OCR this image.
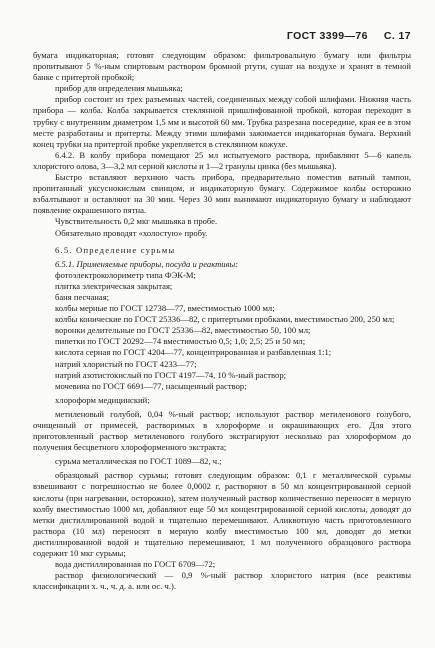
ГОСТ 3399—76 С. 17

бумага индикаторная; готовят следующим образом: фильтровальную бумагу или фильтры пропитывают 5 %-ным спиртовым раствором бромной ртути, сушат на воздухе и хранят в темной банке с притертой пробкой;

прибор для определения мышьяка;

прибор состоит из трех разъемных частей, соединенных между собой шлифами. Нижняя часть прибора — колба. Колба закрывается стеклянной пришлифованной пробкой, которая переходит в трубку с внутренним диаметром 1,5 мм и высотой 60 мм. Трубка разрезана посередине, края ее в этом месте разработаны и притерты. Между этими шлифами зажимается индикаторная бумага. Верхний конец трубки на притертой пробке укрепляется в стеклянном кожухе.

6.4.2. В колбу прибора помещают 25 мл испытуемого раствора, прибавляют 5—6 капель хлористого олова, 3—3,2 мл серной кислоты и 1—2 гранулы цинка (без мышьяка).

Быстро вставляют верхнюю часть прибора, предварительно поместив ватный тампон, пропитанный уксуснокислым свинцом, и индикаторную бумагу. Содержимое колбы осторожно взбалтывают и оставляют на 30 мин. Через 30 мин вынимают индикаторную бумагу и наблюдают появление окрашенного пятна.

Чувствительность 0,2 мкг мышьяка в пробе.

Обязательно проводят «холостую» пробу.

6.5. Определение сурьмы

6.5.1. Применяемые приборы, посуда и реактивы:

фотоэлектроколориметр типа ФЭК-М;

плитка электрическая закрытая;

баня песчаная;

колбы мерные по ГОСТ 12738—77, вместимостью 1000 мл;

колбы конические по ГОСТ 25336—82, с притертыми пробками, вместимостью 200, 250 мл;

воронки делительные по ГОСТ 25336—82, вместимостью 50, 100 мл;

пипетки по ГОСТ 20292—74 вместимостью 0,5; 1,0; 2,5; 25 и 50 мл;

кислота серная по ГОСТ 4204—77, концентрированная и разбавленная 1:1;

натрий хлористый по ГОСТ 4233—77;

натрий азотистокислый по ГОСТ 4197—74, 10 %-ный раствор;

мочевина по ГОСТ 6691—77, насыщенный раствор;

хлороформ медицинский;

метиленовый голубой, 0,04 %-ный раствор; используют раствор метиленового голубого, очищенный от примесей, растворимых в хлороформе и окрашивающих его. Для этого приготовленный раствор метиленового голубого экстрагируют несколько раз хлороформом до получения бесцветного хлороформенного экстракта;

сурьма металлическая по ГОСТ 1089—82, ч.;

образцовый раствор сурьмы; готовят следующим образом: 0,1 г металлической сурьмы взвешивают с погрешностью не более 0,0002 г, растворяют в 50 мл концентрированной серной кислоты (при нагревании, осторожно), затем полученный раствор количественно переносят в мерную колбу вместимостью 1000 мл, добавляют еще 50 мл концентрированной серной кислоты, доводят до метки дистиллированной водой и тщательно перемешивают. Аликвотную часть приготовленного раствора (10 мл) переносят в мерную колбу вместимостью 100 мл, доводят до метки дистиллированной водой и тщательно перемешивают, 1 мл полученного образцового раствора содержит 10 мкг сурьмы;

вода дистиллированная по ГОСТ 6709—72;

раствор физиологический — 0,9 %-ный раствор хлористого натрия (все реактивы классификации х. ч., ч. д. а. или ос. ч.).
